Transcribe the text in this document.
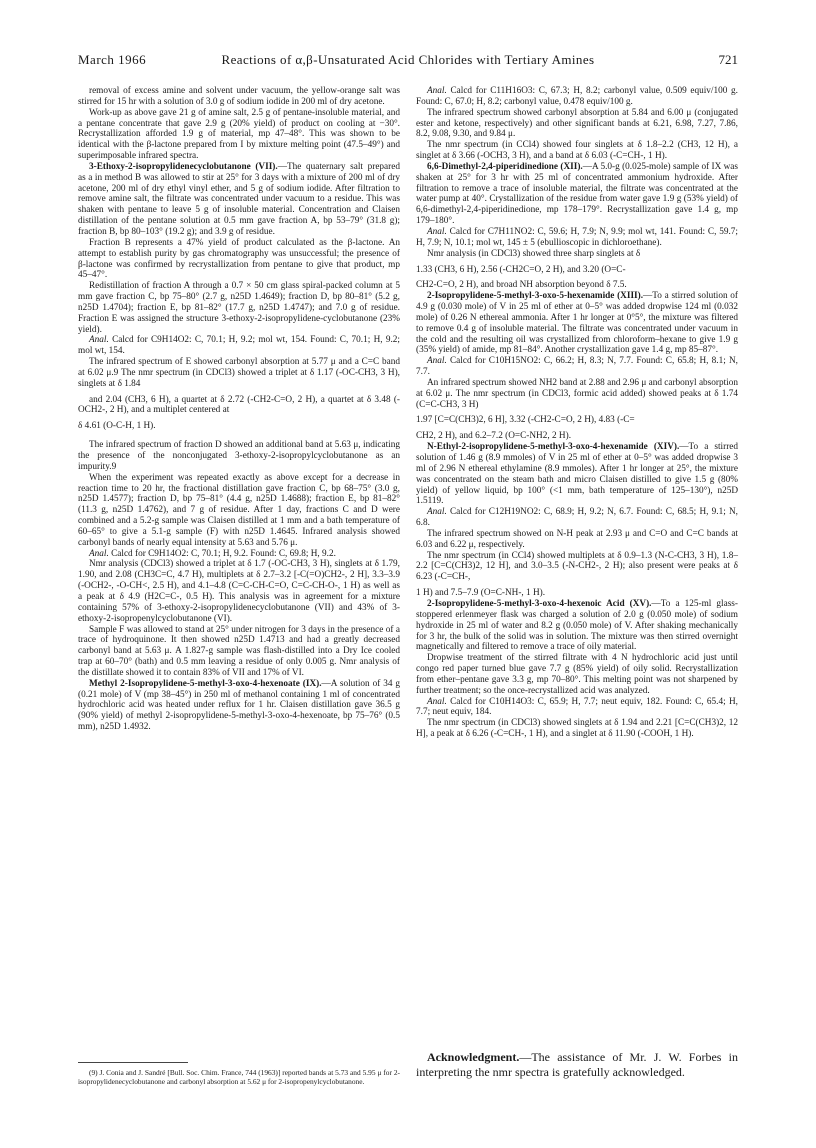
March 1966	Reactions of α,β-Unsaturated Acid Chlorides with Tertiary Amines	721

removal of excess amine and solvent under vacuum, the yellow-orange salt was stirred for 15 hr with a solution of 3.0 g of sodium iodide in 200 ml of dry acetone.

Work-up as above gave 21 g of amine salt, 2.5 g of pentane-insoluble material, and a pentane concentrate that gave 2.9 g (20% yield) of product on cooling at −30°. Recrystallization afforded 1.9 g of material, mp 47–48°. This was shown to be identical with the β-lactone prepared from I by mixture melting point (47.5–49°) and superimposable infrared spectra.

3-Ethoxy-2-isopropylidenecyclobutanone (VII).—The quaternary salt prepared as a in method B was allowed to stir at 25° for 3 days with a mixture of 200 ml of dry acetone, 200 ml of dry ethyl vinyl ether, and 5 g of sodium iodide. After filtration to remove amine salt, the filtrate was concentrated under vacuum to a residue. This was shaken with pentane to leave 5 g of insoluble material. Concentration and Claisen distillation of the pentane solution at 0.5 mm gave fraction A, bp 53–79° (31.8 g); fraction B, bp 80–103° (19.2 g); and 3.9 g of residue.

Fraction B represents a 47% yield of product calculated as the β-lactone. An attempt to establish purity by gas chromatography was unsuccessful; the presence of β-lactone was confirmed by recrystallization from pentane to give that product, mp 45–47°.

Redistillation of fraction A through a 0.7 × 50 cm glass spiral-packed column at 5 mm gave fraction C, bp 75–80° (2.7 g, n25D 1.4649); fraction D, bp 80–81° (5.2 g, n25D 1.4704); fraction E, bp 81–82° (17.7 g, n25D 1.4747); and 7.0 g of residue. Fraction E was assigned the structure 3-ethoxy-2-isopropylidene-cyclobutanone (23% yield).

Anal. Calcd for C9H14O2: C, 70.1; H, 9.2; mol wt, 154. Found: C, 70.1; H, 9.2; mol wt, 154.

The infrared spectrum of E showed carbonyl absorption at 5.77 μ and a C=C band at 6.02 μ.9 The nmr spectrum (in CDCl3) showed a triplet at δ 1.17 (-OC-CH3, 3 H), singlets at δ 1.84

and 2.04 (CH3, 6 H), a quartet at δ 2.72 (-CH2-C=O, 2 H), a quartet at δ 3.48 (-OCH2-, 2 H), and a multiplet centered at

δ 4.61 (O-C-H, 1 H).

The infrared spectrum of fraction D showed an additional band at 5.63 μ, indicating the presence of the nonconjugated 3-ethoxy-2-isopropylcyclobutanone as an impurity.9

When the experiment was repeated exactly as above except for a decrease in reaction time to 20 hr, the fractional distillation gave fraction C, bp 68–75° (3.0 g, n25D 1.4577); fraction D, bp 75–81° (4.4 g, n25D 1.4688); fraction E, bp 81–82° (11.3 g, n25D 1.4762), and 7 g of residue. After 1 day, fractions C and D were combined and a 5.2-g sample was Claisen distilled at 1 mm and a bath temperature of 60–65° to give a 5.1-g sample (F) with n25D 1.4645. Infrared analysis showed carbonyl bands of nearly equal intensity at 5.63 and 5.76 μ.

Anal. Calcd for C9H14O2: C, 70.1; H, 9.2. Found: C, 69.8; H, 9.2.

Nmr analysis (CDCl3) showed a triplet at δ 1.7 (-OC-CH3, 3 H), singlets at δ 1.79, 1.90, and 2.08 (CH3C=C, 4.7 H), multiplets at δ 2.7–3.2 [-C(=O)CH2-, 2 H], 3.3–3.9 (-OCH2-, -O-CH<, 2.5 H), and 4.1–4.8 (C=C-CH-C=O, C=C-CH-O-, 1 H) as well as a peak at δ 4.9 (H2C=C-, 0.5 H). This analysis was in agreement for a mixture containing 57% of 3-ethoxy-2-isopropylidenecyclobutanone (VII) and 43% of 3-ethoxy-2-isopropenylcyclobutanone (VI).

Sample F was allowed to stand at 25° under nitrogen for 3 days in the presence of a trace of hydroquinone. It then showed n25D 1.4713 and had a greatly decreased carbonyl band at 5.63 μ. A 1.827-g sample was flash-distilled into a Dry Ice cooled trap at 60–70° (bath) and 0.5 mm leaving a residue of only 0.005 g. Nmr analysis of the distillate showed it to contain 83% of VII and 17% of VI.

Methyl 2-Isopropylidene-5-methyl-3-oxo-4-hexenoate (IX).—A solution of 34 g (0.21 mole) of V (mp 38–45°) in 250 ml of methanol containing 1 ml of concentrated hydrochloric acid was heated under reflux for 1 hr. Claisen distillation gave 36.5 g (90% yield) of methyl 2-isopropylidene-5-methyl-3-oxo-4-hexenoate, bp 75–76° (0.5 mm), n25D 1.4932.

Anal. Calcd for C11H16O3: C, 67.3; H, 8.2; carbonyl value, 0.509 equiv/100 g. Found: C, 67.0; H, 8.2; carbonyl value, 0.478 equiv/100 g.

The infrared spectrum showed carbonyl absorption at 5.84 and 6.00 μ (conjugated ester and ketone, respectively) and other significant bands at 6.21, 6.98, 7.27, 7.86, 8.2, 9.08, 9.30, and 9.84 μ.

The nmr spectrum (in CCl4) showed four singlets at δ 1.8–2.2 (CH3, 12 H), a singlet at δ 3.66 (-OCH3, 3 H), and a band at δ 6.03 (-C=CH-, 1 H).

6,6-Dimethyl-2,4-piperidinedione (XII).—A 5.0-g (0.025-mole) sample of IX was shaken at 25° for 3 hr with 25 ml of concentrated ammonium hydroxide. After filtration to remove a trace of insoluble material, the filtrate was concentrated at the water pump at 40°. Crystallization of the residue from water gave 1.9 g (53% yield) of 6,6-dimethyl-2,4-piperidinedione, mp 178–179°. Recrystallization gave 1.4 g, mp 179–180°.

Anal. Calcd for C7H11NO2: C, 59.6; H, 7.9; N, 9.9; mol wt, 141. Found: C, 59.7; H, 7.9; N, 10.1; mol wt, 145 ± 5 (ebullioscopic in dichloroethane).

Nmr analysis (in CDCl3) showed three sharp singlets at δ

1.33 (CH3, 6 H), 2.56 (-CH2C=O, 2 H), and 3.20 (O=C-

CH2-C=O, 2 H), and broad NH absorption beyond δ 7.5.

2-Isopropylidene-5-methyl-3-oxo-5-hexenamide (XIII).—To a stirred solution of 4.9 g (0.030 mole) of V in 25 ml of ether at 0–5° was added dropwise 124 ml (0.032 mole) of 0.26 N ethereal ammonia. After 1 hr longer at 0°5°, the mixture was filtered to remove 0.4 g of insoluble material. The filtrate was concentrated under vacuum in the cold and the resulting oil was crystallized from chloroform–hexane to give 1.9 g (35% yield) of amide, mp 81–84°. Another crystallization gave 1.4 g, mp 85–87°.

Anal. Calcd for C10H15NO2: C, 66.2; H, 8.3; N, 7.7. Found: C, 65.8; H, 8.1; N, 7.7.

An infrared spectrum showed NH2 band at 2.88 and 2.96 μ and carbonyl absorption at 6.02 μ. The nmr spectrum (in CDCl3, formic acid added) showed peaks at δ 1.74 (C=C-CH3, 3 H)

1.97 [C=C(CH3)2, 6 H], 3.32 (-CH2-C=O, 2 H), 4.83 (-C=

CH2, 2 H), and 6.2–7.2 (O=C-NH2, 2 H).

N-Ethyl-2-isopropylidene-5-methyl-3-oxo-4-hexenamide (XIV).—To a stirred solution of 1.46 g (8.9 mmoles) of V in 25 ml of ether at 0–5° was added dropwise 3 ml of 2.96 N ethereal ethylamine (8.9 mmoles). After 1 hr longer at 25°, the mixture was concentrated on the steam bath and micro Claisen distilled to give 1.5 g (80% yield) of yellow liquid, bp 100° (<1 mm, bath temperature of 125–130°), n25D 1.5119.

Anal. Calcd for C12H19NO2: C, 68.9; H, 9.2; N, 6.7. Found: C, 68.5; H, 9.1; N, 6.8.

The infrared spectrum showed on N-H peak at 2.93 μ and C=O and C=C bands at 6.03 and 6.22 μ, respectively.

The nmr spectrum (in CCl4) showed multiplets at δ 0.9–1.3 (N-C-CH3, 3 H), 1.8–2.2 [C=C(CH3)2, 12 H], and 3.0–3.5 (-N-CH2-, 2 H); also present were peaks at δ 6.23 (-C=CH-,

1 H) and 7.5–7.9 (O=C-NH-, 1 H).

2-Isopropylidene-5-methyl-3-oxo-4-hexenoic Acid (XV).—To a 125-ml glass-stoppered erlenmeyer flask was charged a solution of 2.0 g (0.050 mole) of sodium hydroxide in 25 ml of water and 8.2 g (0.050 mole) of V. After shaking mechanically for 3 hr, the bulk of the solid was in solution. The mixture was then stirred overnight magnetically and filtered to remove a trace of oily material.

Dropwise treatment of the stirred filtrate with 4 N hydrochloric acid just until congo red paper turned blue gave 7.7 g (85% yield) of oily solid. Recrystallization from ether–pentane gave 3.3 g, mp 70–80°. This melting point was not sharpened by further treatment; so the once-recrystallized acid was analyzed.

Anal. Calcd for C10H14O3: C, 65.9; H, 7.7; neut equiv, 182. Found: C, 65.4; H, 7.7; neut equiv, 184.

The nmr spectrum (in CDCl3) showed singlets at δ 1.94 and 2.21 [C=C(CH3)2, 12 H], a peak at δ 6.26 (-C=CH-, 1 H), and a singlet at δ 11.90 (-COOH, 1 H).

(9) J. Conia and J. Sandré [Bull. Soc. Chim. France, 744 (1963)] reported bands at 5.73 and 5.95 μ for 2-isopropylidenecyclobutanone and carbonyl absorption at 5.62 μ for 2-isopropenylcyclobutanone.

Acknowledgment.—The assistance of Mr. J. W. Forbes in interpreting the nmr spectra is gratefully acknowledged.
